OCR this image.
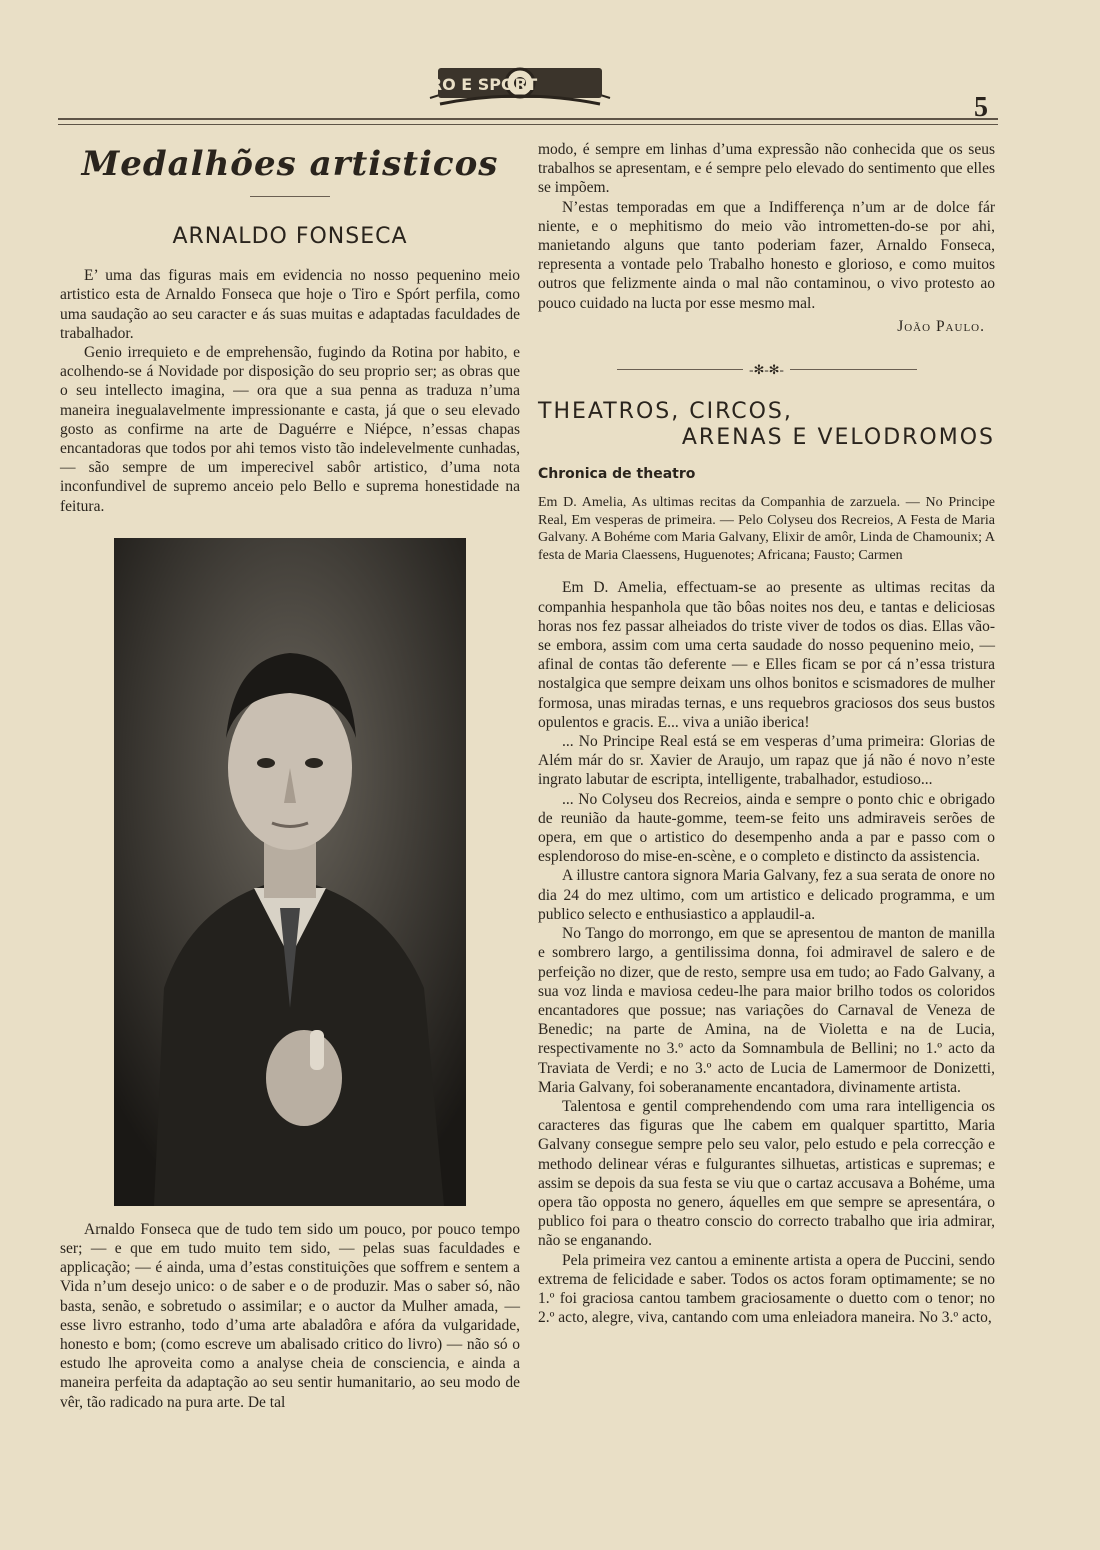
TIRO E SPORT
5
Medalhões artisticos
ARNALDO FONSECA

E’ uma das figuras mais em evidencia no nosso pequenino meio artistico esta de Arnaldo Fonseca que hoje o Tiro e Spórt perfila, como uma saudação ao seu caracter e ás suas muitas e adaptadas faculdades de trabalhador.

Genio irrequieto e de emprehensão, fugindo da Rotina por habito, e acolhendo-se á Novidade por disposição do seu proprio ser; as obras que o seu intellecto imagina, — ora que a sua penna as traduza n’uma maneira inegualavelmente impressionante e casta, já que o seu elevado gosto as confirme na arte de Daguérre e Niépce, n’essas chapas encantadoras que todos por ahi temos visto tão indelevelmente cunhadas, — são sempre de um imperecivel sabôr artistico, d’uma nota inconfundivel de supremo anceio pelo Bello e suprema honestidade na feitura.

Arnaldo Fonseca que de tudo tem sido um pouco, por pouco tempo ser; — e que em tudo muito tem sido, — pelas suas faculdades e applicação; — é ainda, uma d’estas constituições que soffrem e sentem a Vida n’um desejo unico: o de saber e o de produzir. Mas o saber só, não basta, senão, e sobretudo o assimilar; e o auctor da Mulher amada, — esse livro estranho, todo d’uma arte abaladôra e afóra da vulgaridade, honesto e bom; (como escreve um abalisado critico do livro) — não só o estudo lhe aproveita como a analyse cheia de consciencia, e ainda a maneira perfeita da adaptação ao seu sentir humanitario, ao seu modo de vêr, tão radicado na pura arte. De tal

modo, é sempre em linhas d’uma expressão não conhecida que os seus trabalhos se apresentam, e é sempre pelo elevado do sentimento que elles se impõem.

N’estas temporadas em que a Indifferença n’um ar de dolce fár niente, e o mephitismo do meio vão intrometten-do-se por ahi, manietando alguns que tanto poderiam fazer, Arnaldo Fonseca, representa a vontade pelo Trabalho honesto e glorioso, e como muitos outros que felizmente ainda o mal não contaminou, o vivo protesto ao pouco cuidado na lucta por esse mesmo mal.

João Paulo.
-✻-✻-
THEATROS, CIRCOS,
ARENAS E VELODROMOS
Chronica de theatro

Em D. Amelia, As ultimas recitas da Companhia de zarzuela. — No Principe Real, Em vesperas de primeira. — Pelo Colyseu dos Recreios, A Festa de Maria Galvany. A Bohéme com Maria Galvany, Elixir de amôr, Linda de Chamounix; A festa de Maria Claessens, Huguenotes; Africana; Fausto; Carmen

Em D. Amelia, effectuam-se ao presente as ultimas recitas da companhia hespanhola que tão bôas noites nos deu, e tantas e deliciosas horas nos fez passar alheiados do triste viver de todos os dias. Ellas vão-se embora, assim com uma certa saudade do nosso pequenino meio, — afinal de contas tão deferente — e Elles ficam se por cá n’essa tristura nostalgica que sempre deixam uns olhos bonitos e scismadores de mulher formosa, unas miradas ternas, e uns requebros graciosos dos seus bustos opulentos e gracis. E... viva a união iberica!

... No Principe Real está se em vesperas d’uma primeira: Glorias de Além már do sr. Xavier de Araujo, um rapaz que já não é novo n’este ingrato labutar de escripta, intelligente, trabalhador, estudioso...

... No Colyseu dos Recreios, ainda e sempre o ponto chic e obrigado de reunião da haute-gomme, teem-se feito uns admiraveis serões de opera, em que o artistico do desempenho anda a par e passo com o esplendoroso do mise-en-scène, e o completo e distincto da assistencia.

A illustre cantora signora Maria Galvany, fez a sua serata de onore no dia 24 do mez ultimo, com um artistico e delicado programma, e um publico selecto e enthusiastico a applaudil-a.

No Tango do morrongo, em que se apresentou de manton de manilla e sombrero largo, a gentilissima donna, foi admiravel de salero e de perfeição no dizer, que de resto, sempre usa em tudo; ao Fado Galvany, a sua voz linda e maviosa cedeu-lhe para maior brilho todos os coloridos encantadores que possue; nas variações do Carnaval de Veneza de Benedic; na parte de Amina, na de Violetta e na de Lucia, respectivamente no 3.º acto da Somnambula de Bellini; no 1.º acto da Traviata de Verdi; e no 3.º acto de Lucia de Lamermoor de Donizetti, Maria Galvany, foi soberanamente encantadora, divinamente artista.

Talentosa e gentil comprehendendo com uma rara intelligencia os caracteres das figuras que lhe cabem em qualquer spartitto, Maria Galvany consegue sempre pelo seu valor, pelo estudo e pela correcção e methodo delinear véras e fulgurantes silhuetas, artisticas e supremas; e assim se depois da sua festa se viu que o cartaz accusava a Bohéme, uma opera tão opposta no genero, áquelles em que sempre se apresentára, o publico foi para o theatro conscio do correcto trabalho que iria admirar, não se enganando.

Pela primeira vez cantou a eminente artista a opera de Puccini, sendo extrema de felicidade e saber. Todos os actos foram optimamente; se no 1.º foi graciosa cantou tambem graciosamente o duetto com o tenor; no 2.º acto, alegre, viva, cantando com uma enleiadora maneira. No 3.º acto,
